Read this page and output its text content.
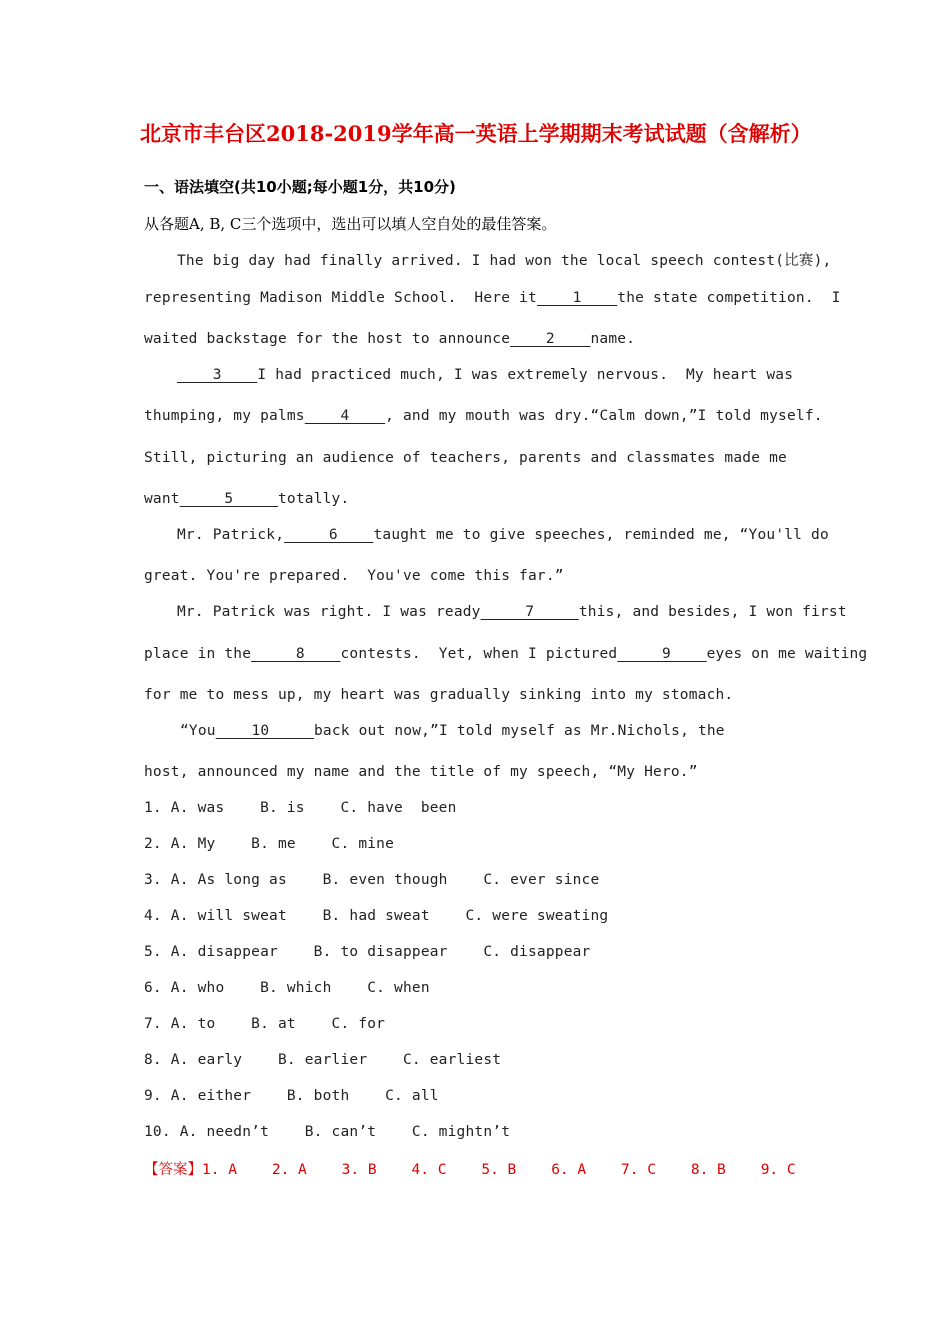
北京市丰台区2018-2019学年高一英语上学期期末考试试题（含解析）
一、语法填空(共10小题;每小题1分，共10分)
从各题A, B, C三个选项中，选出可以填人空自处的最佳答案。
The big day had finally arrived. I had won the local speech contest(比赛),
representing Madison Middle School.  Here it    1    the state competition.  I
waited backstage for the host to announce    2    name.
3    I had practiced much, I was extremely nervous.  My heart was
thumping, my palms    4    , and my mouth was dry.“Calm down,”I told myself.
Still, picturing an audience of teachers, parents and classmates made me
want     5     totally.
Mr. Patrick,     6    taught me to give speeches, reminded me, “You'll do
great. You're prepared.  You've come this far.”
Mr. Patrick was right. I was ready     7     this, and besides, I won first
place in the     8    contests.  Yet, when I pictured     9    eyes on me waiting
for me to mess up, my heart was gradually sinking into my stomach.
“You    10     back out now,”I told myself as Mr.Nichols, the
host, announced my name and the title of my speech, “My Hero.”
1. A. was    B. is    C. have  been
2. A. My    B. me    C. mine
3. A. As long as    B. even though    C. ever since
4. A. will sweat    B. had sweat    C. were sweating
5. A. disappear    B. to disappear    C. disappear
6. A. who    B. which    C. when
7. A. to    B. at    C. for
8. A. early    B. earlier    C. earliest
9. A. either    B. both    C. all
10. A. needn’t    B. can’t    C. mightn’t
【答案】1. A    2. A    3. B    4. C    5. B    6. A    7. C    8. B    9. C
